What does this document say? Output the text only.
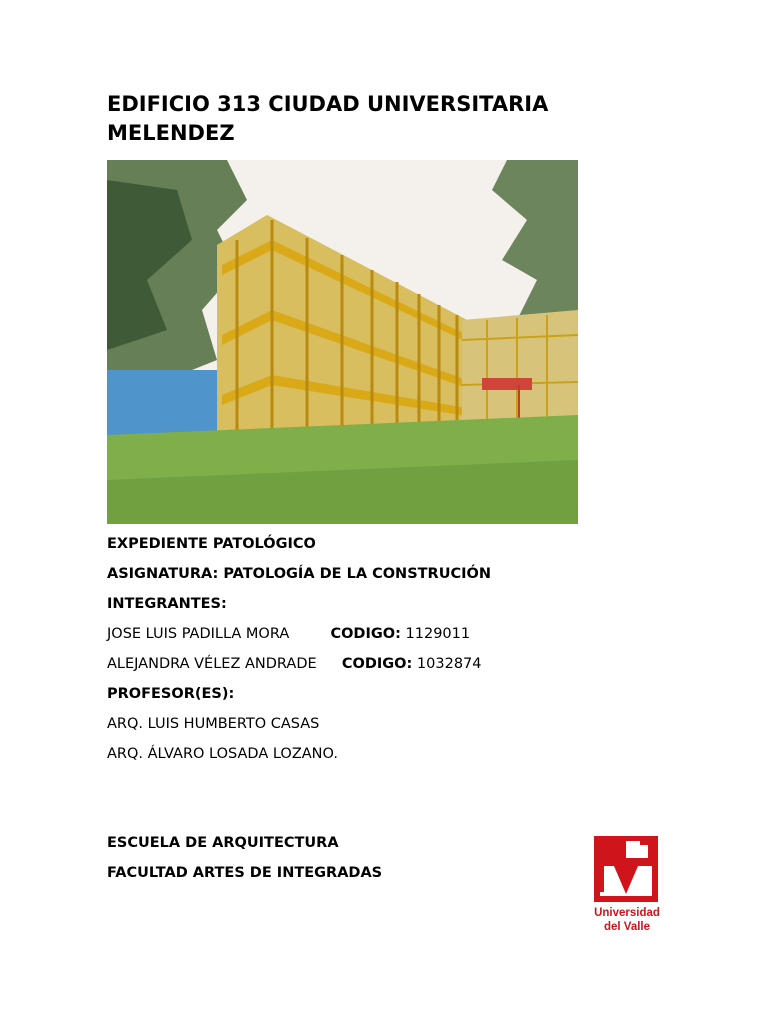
EDIFICIO 313 CIUDAD UNIVERSITARIA MELENDEZ
EXPEDIENTE PATOLÓGICO
ASIGNATURA: PATOLOGÍA DE LA CONSTRUCIÓN
INTEGRANTES:
JOSE LUIS PADILLA MORA	CODIGO: 1129011
ALEJANDRA VÉLEZ ANDRADE CODIGO: 1032874
PROFESOR(ES):
ARQ. LUIS HUMBERTO CASAS
ARQ. ÁLVARO LOSADA LOZANO.
ESCUELA DE ARQUITECTURA
FACULTAD ARTES DE INTEGRADAS
Universidad
del Valle
